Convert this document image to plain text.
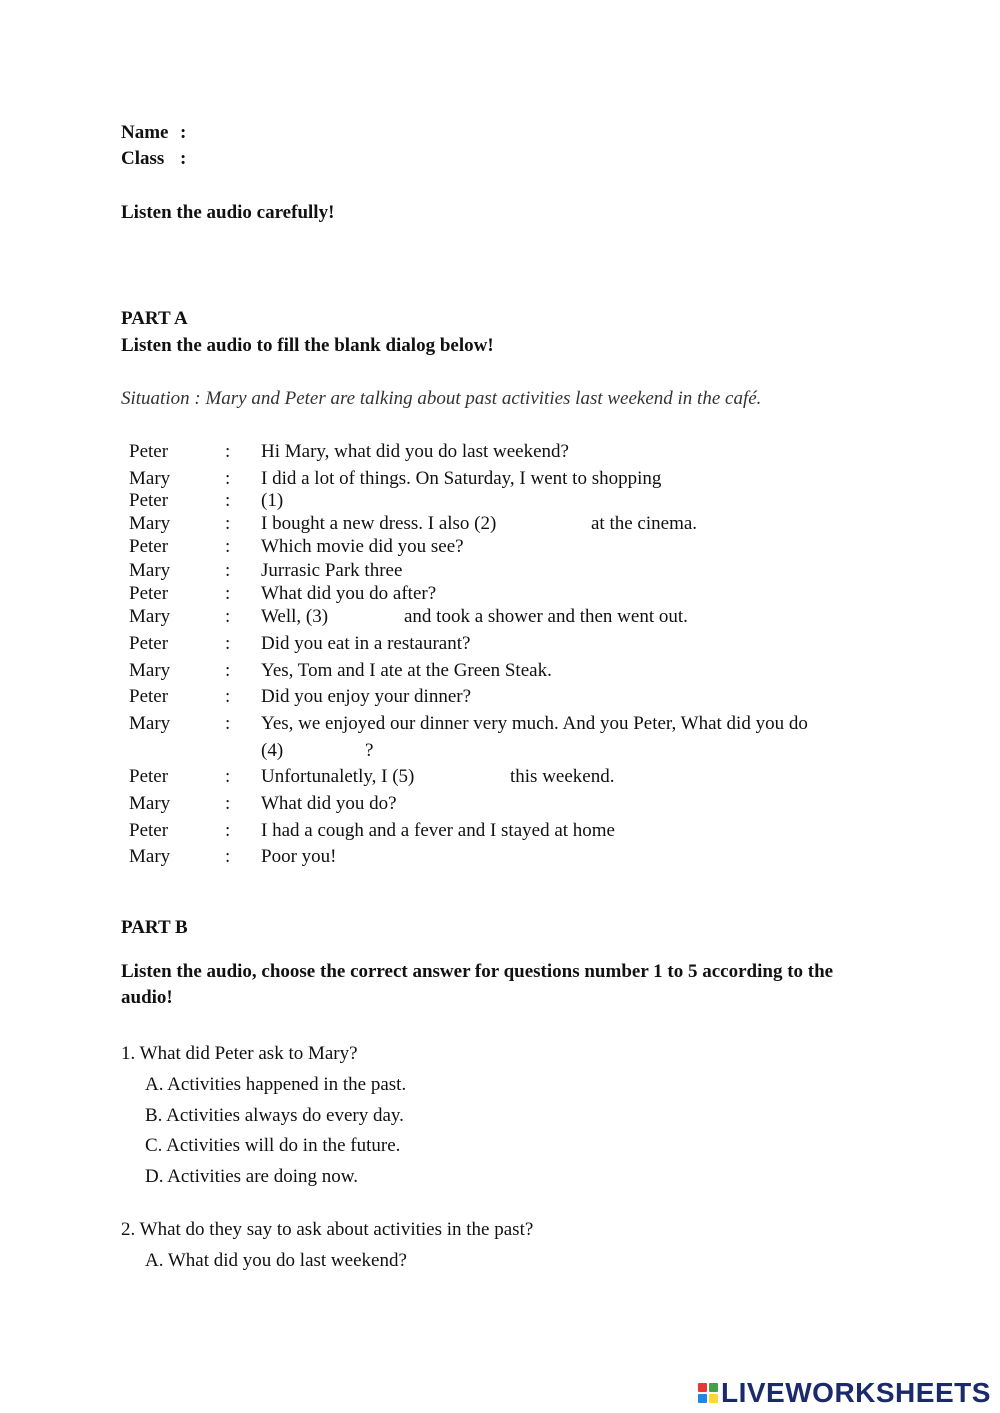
Name :
Class :
Listen the audio carefully!
PART A
Listen the audio to fill the blank dialog below!
Situation : Mary and Peter are talking about past activities last weekend in the café.
Peter	: Hi Mary, what did you do last weekend?
Mary	: I did a lot of things. On Saturday, I went to shopping
Peter	: (1)
Mary	: I bought a new dress. I also (2)	at the cinema.
Peter	: Which movie did you see?
Mary	: Jurrasic Park three
Peter	: What did you do after?
Mary	: Well, (3)	and took a shower and then went out.
Peter	: Did you eat in a restaurant?
Mary	: Yes, Tom and I ate at the Green Steak.
Peter	: Did you enjoy your dinner?
Mary	: Yes, we enjoyed our dinner very much. And you Peter, What did you do
(4)	?
Peter	: Unfortunaletly, I (5)	this weekend.
Mary	: What did you do?
Peter	: I had a cough and a fever and I stayed at home
Mary	: Poor you!
PART B
Listen the audio, choose the correct answer for questions number 1 to 5 according to the
audio!
1. What did Peter ask to Mary?
A. Activities happened in the past.
B. Activities always do every day.
C. Activities will do in the future.
D. Activities are doing now.
2. What do they say to ask about activities in the past?
A. What did you do last weekend?
LIVEWORKSHEETS
